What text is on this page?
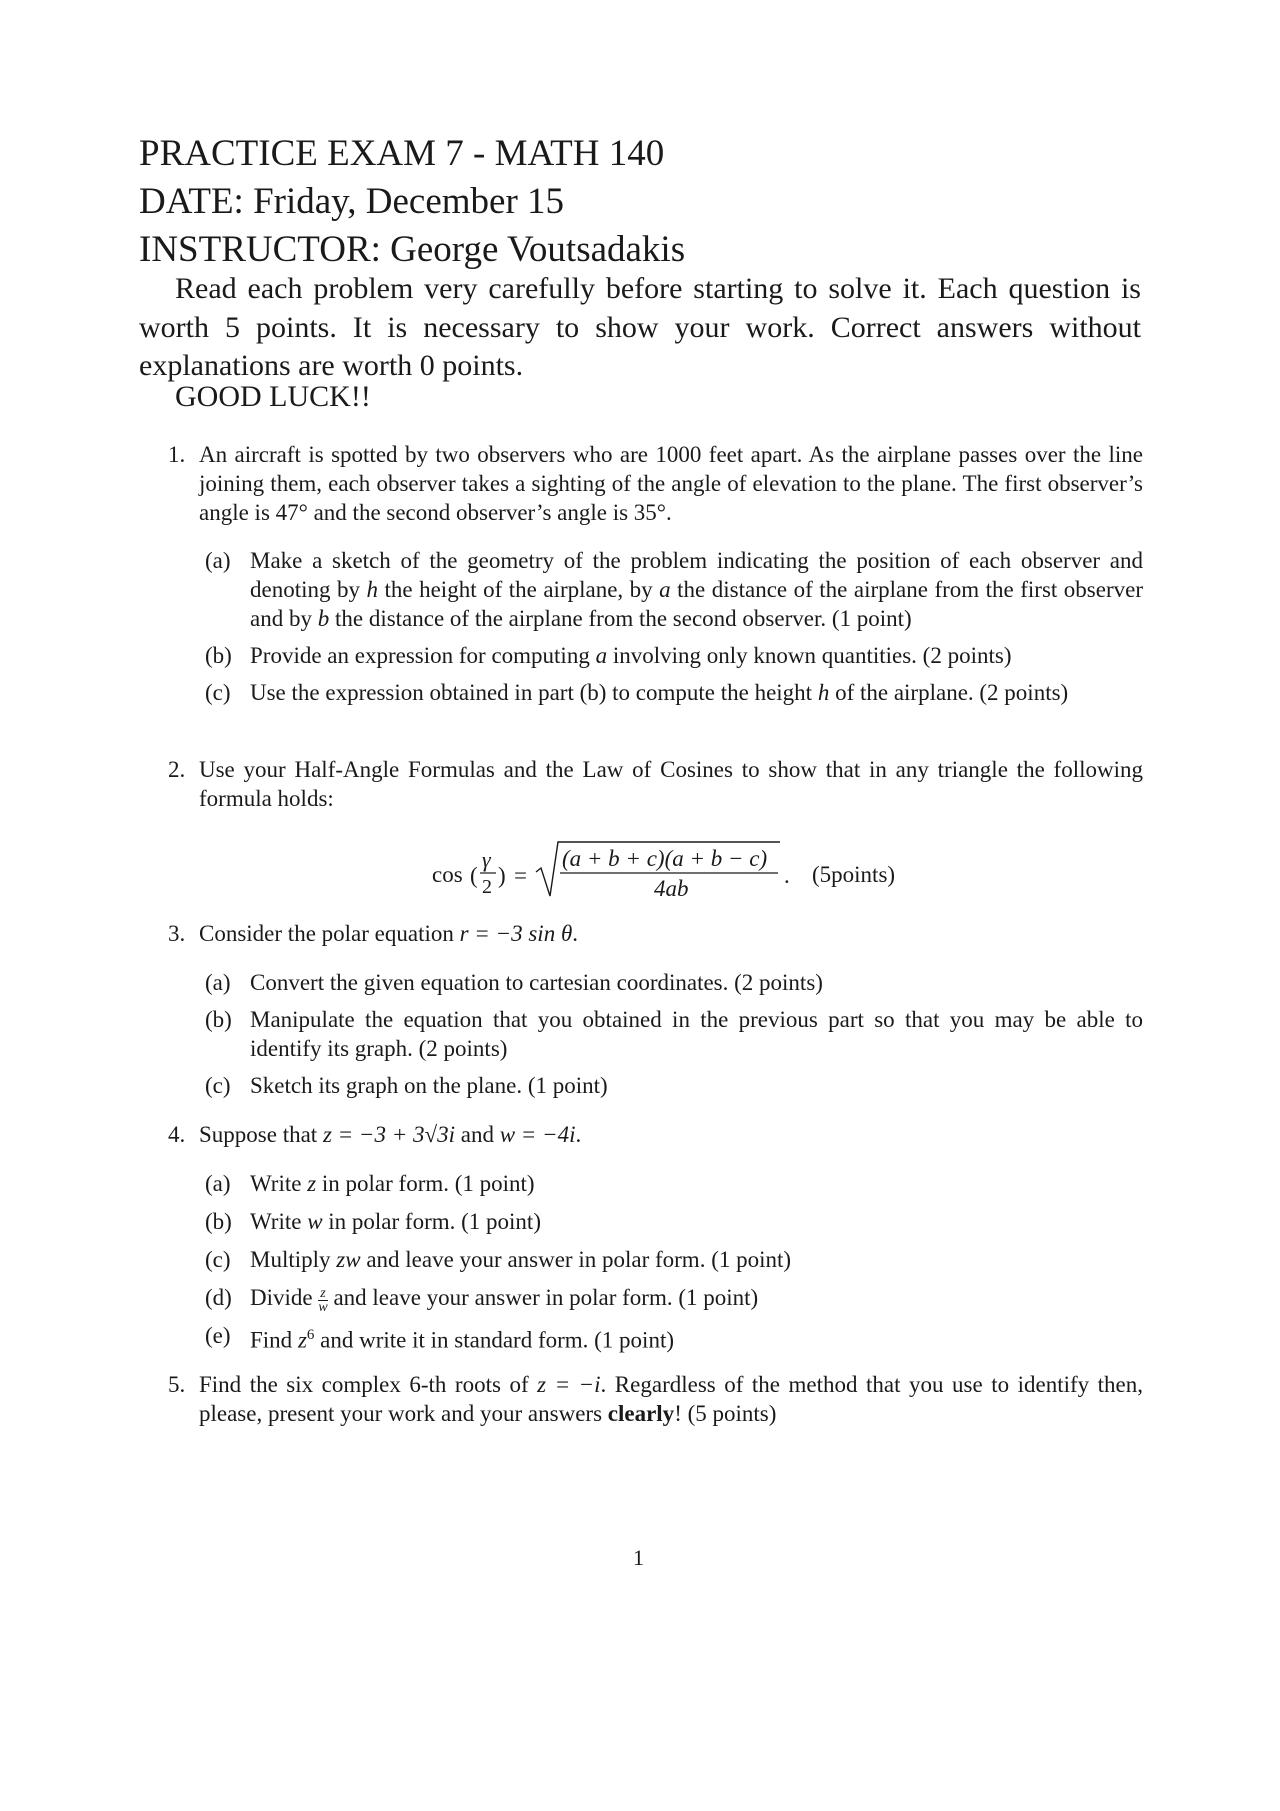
PRACTICE EXAM 7 - MATH 140
DATE: Friday, December 15
INSTRUCTOR: George Voutsadakis
Read each problem very carefully before starting to solve it. Each question is worth 5 points. It is necessary to show your work. Correct answers without explanations are worth 0 points.
GOOD LUCK!!
1. An aircraft is spotted by two observers who are 1000 feet apart. As the airplane passes over the line joining them, each observer takes a sighting of the angle of elevation to the plane. The first observer’s angle is 47° and the second observer’s angle is 35°.
(a) Make a sketch of the geometry of the problem indicating the position of each observer and denoting by h the height of the airplane, by a the distance of the airplane from the first observer and by b the distance of the airplane from the second observer. (1 point)
(b) Provide an expression for computing a involving only known quantities. (2 points)
(c) Use the expression obtained in part (b) to compute the height h of the airplane. (2 points)
2. Use your Half-Angle Formulas and the Law of Cosines to show that in any triangle the following formula holds:
cos (
γ
2 ) =
(a + b + c)(a + b − c)
4ab
. (5points)
3. Consider the polar equation r = −3 sin θ.
(a) Convert the given equation to cartesian coordinates. (2 points)
(b) Manipulate the equation that you obtained in the previous part so that you may be able to identify its graph. (2 points)
(c) Sketch its graph on the plane. (1 point)
4. Suppose that z = −3 + 3√3i and w = −4i.
(a) Write z in polar form. (1 point)
(b) Write w in polar form. (1 point)
(c) Multiply zw and leave your answer in polar form. (1 point)
(d) Divide $\frac{z}{w}$ and leave your answer in polar form. (1 point)
(e) Find $z^6$ and write it in standard form. (1 point)
5. Find the six complex 6-th roots of z = −i. Regardless of the method that you use to identify then, please, present your work and your answers clearly! (5 points)
1
